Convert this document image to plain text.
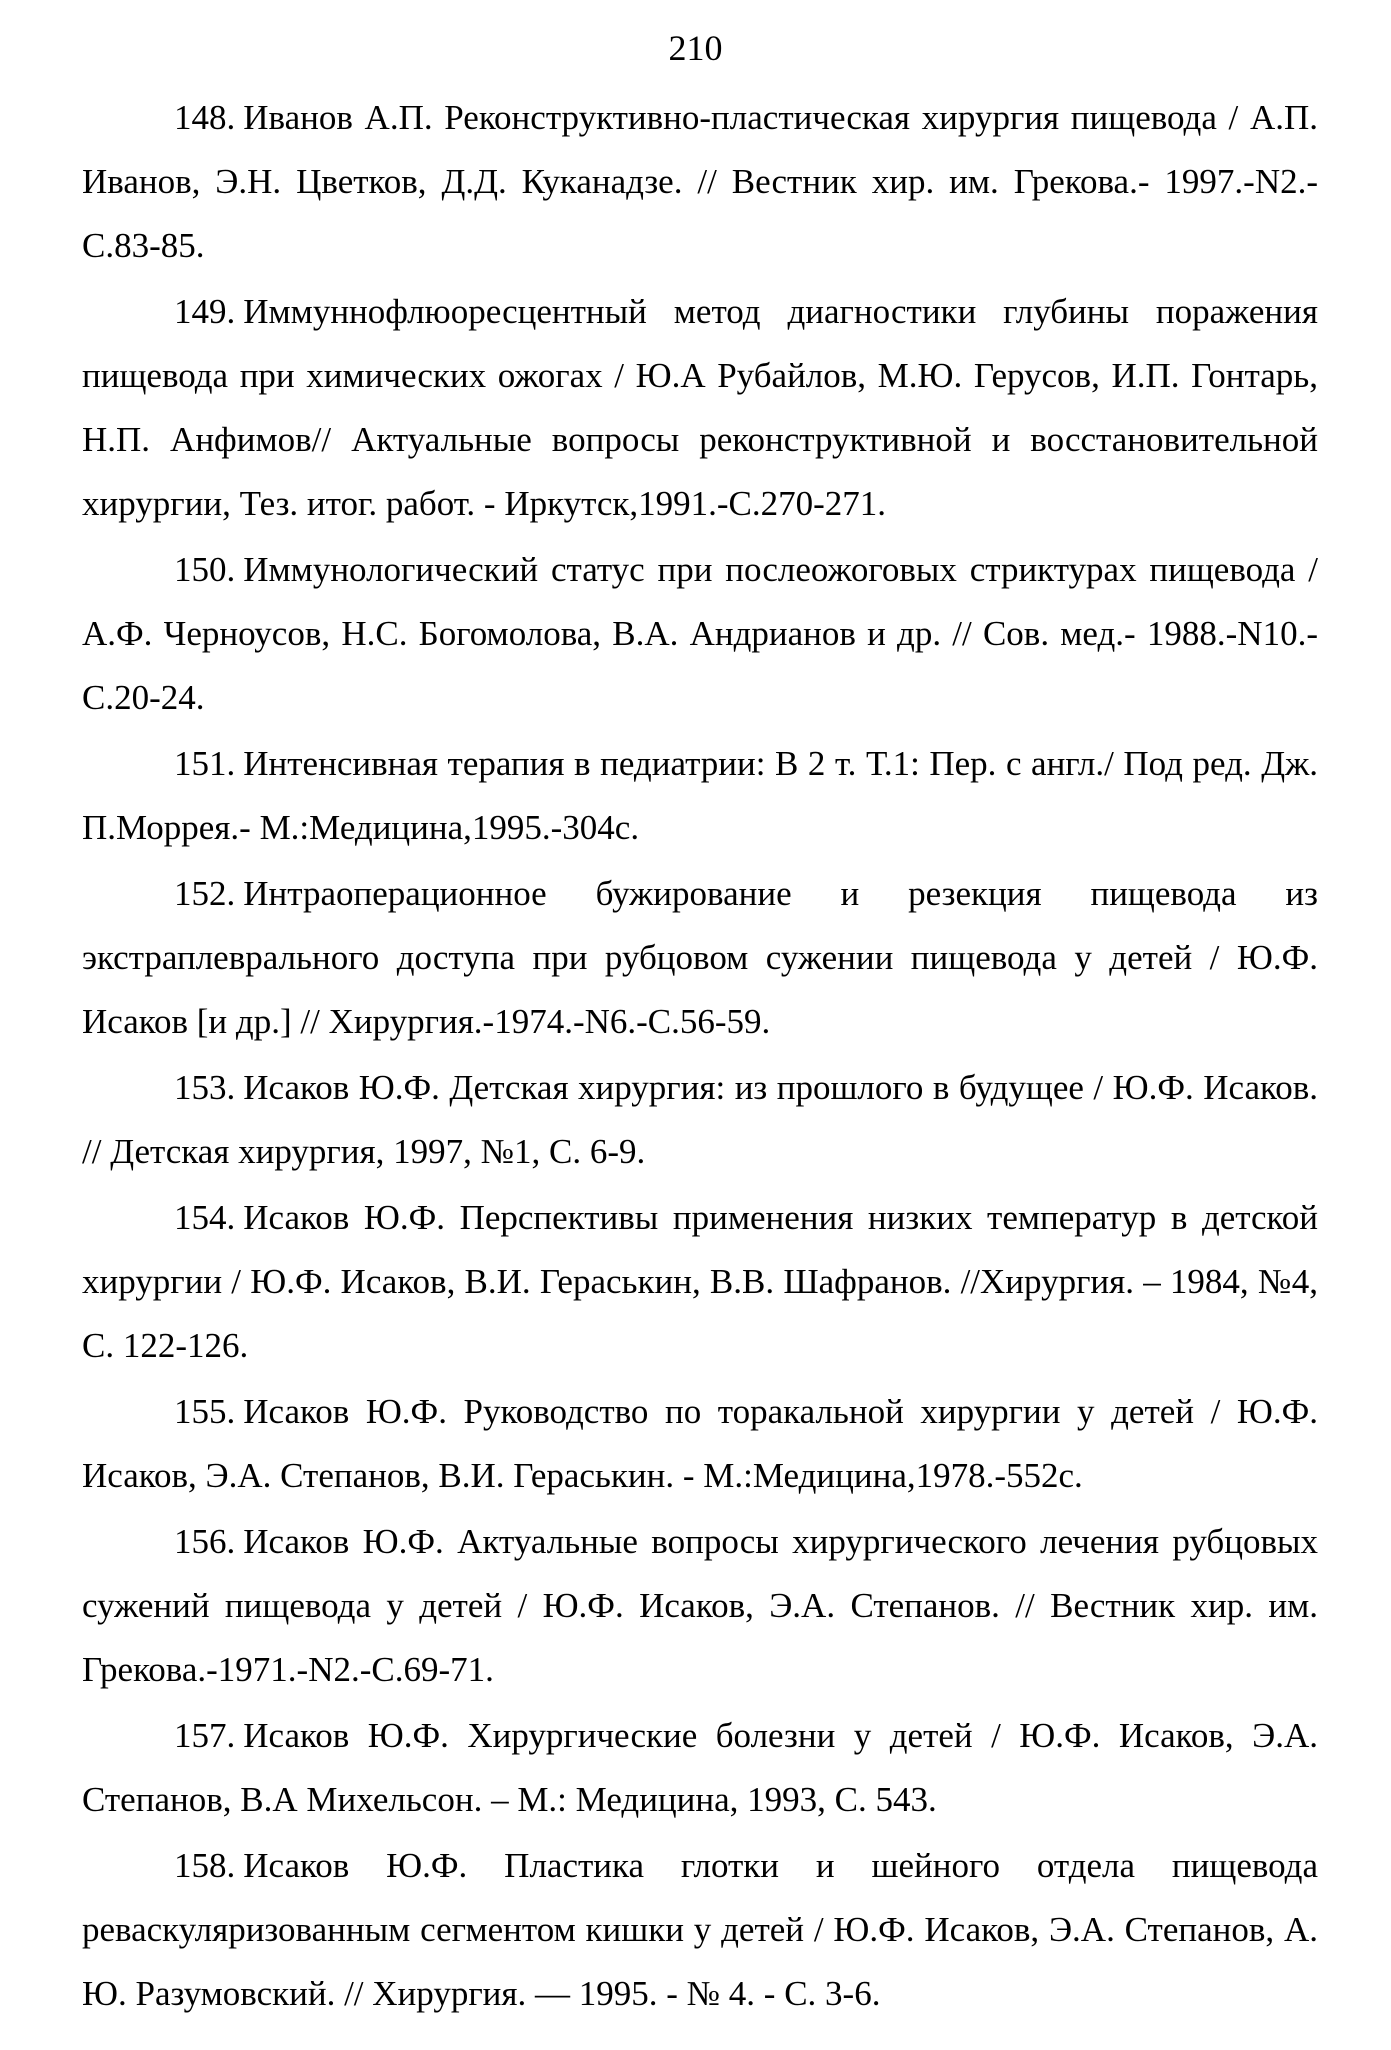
210
148. Иванов А.П. Реконструктивно-пластическая хирургия пищевода / А.П. Иванов, Э.Н. Цветков, Д.Д. Куканадзе. // Вестник хир. им. Грекова.- 1997.-N2.-С.83-85.
149. Иммуннофлюоресцентный метод диагностики глубины поражения пищевода при химических ожогах / Ю.А Рубайлов, М.Ю. Герусов, И.П. Гонтарь, Н.П. Анфимов// Актуальные вопросы реконструктивной и восстановительной хирургии, Тез. итог. работ. - Иркутск,1991.-С.270-271.
150. Иммунологический статус при послеожоговых стриктурах пищевода / А.Ф. Черноусов, Н.С. Богомолова, В.А. Андрианов и др. // Сов. мед.- 1988.-N10.-С.20-24.
151. Интенсивная терапия в педиатрии: В 2 т. Т.1: Пер. с англ./ Под ред. Дж. П.Моррея.- М.:Медицина,1995.-304с.
152. Интраоперационное бужирование и резекция пищевода из экстраплеврального доступа при рубцовом сужении пищевода у детей / Ю.Ф. Исаков [и др.] // Хирургия.-1974.-N6.-С.56-59.
153. Исаков Ю.Ф. Детская хирургия: из прошлого в будущее / Ю.Ф. Исаков. // Детская хирургия, 1997, №1, С. 6-9.
154. Исаков Ю.Ф. Перспективы применения низких температур в детской хирургии / Ю.Ф. Исаков, В.И. Гераськин, В.В. Шафранов. //Хирургия. – 1984, №4, С. 122-126.
155. Исаков Ю.Ф. Руководство по торакальной хирургии у детей / Ю.Ф. Исаков, Э.А. Степанов, В.И. Гераськин. - М.:Медицина,1978.-552с.
156. Исаков Ю.Ф. Актуальные вопросы хирургического лечения рубцовых сужений пищевода у детей / Ю.Ф. Исаков, Э.А. Степанов. // Вестник хир. им. Грекова.-1971.-N2.-С.69-71.
157. Исаков Ю.Ф. Хирургические болезни у детей / Ю.Ф. Исаков, Э.А. Степанов, В.А Михельсон. – М.: Медицина, 1993, С. 543.
158. Исаков Ю.Ф. Пластика глотки и шейного отдела пищевода реваскуляризованным сегментом кишки у детей / Ю.Ф. Исаков, Э.А. Степанов, А. Ю. Разумовский. // Хирургия. — 1995. - № 4. - С. 3-6.
